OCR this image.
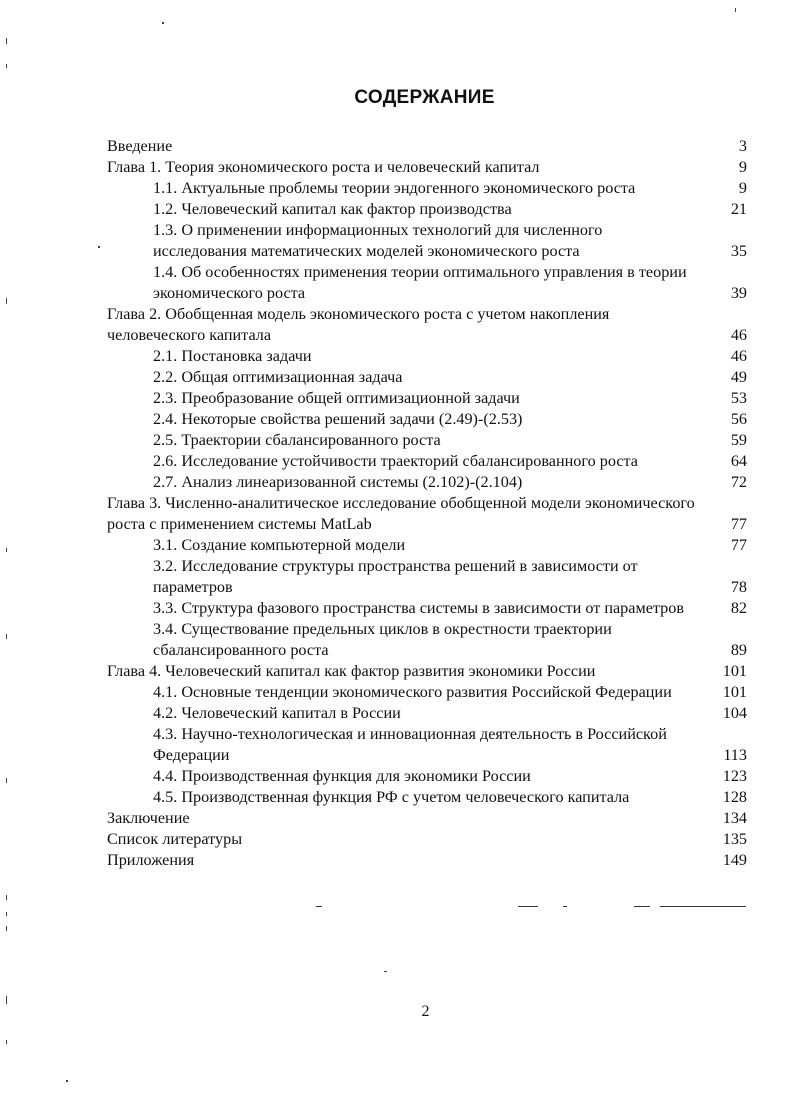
СОДЕРЖАНИЕ
Введение	3
Глава 1. Теория экономического роста и человеческий капитал	9
1.1. Актуальные проблемы теории эндогенного экономического роста	9
1.2. Человеческий капитал как фактор производства	21
1.3. О применении информационных технологий для численного исследования математических моделей экономического роста	35
1.4. Об особенностях применения теории оптимального управления в теории экономического роста	39
Глава 2. Обобщенная модель экономического роста с учетом накопления человеческого капитала	46
2.1. Постановка задачи	46
2.2. Общая оптимизационная задача	49
2.3. Преобразование общей оптимизационной задачи	53
2.4. Некоторые свойства решений задачи (2.49)-(2.53)	56
2.5. Траектории сбалансированного роста	59
2.6. Исследование устойчивости траекторий сбалансированного роста	64
2.7. Анализ линеаризованной системы (2.102)-(2.104)	72
Глава 3. Численно-аналитическое исследование обобщенной модели экономического роста с применением системы MatLab	77
3.1. Создание компьютерной модели	77
3.2. Исследование структуры пространства решений в зависимости от параметров	78
3.3. Структура фазового пространства системы в зависимости от параметров	82
3.4. Существование предельных циклов в окрестности траектории сбалансированного роста	89
Глава 4. Человеческий капитал как фактор развития экономики России	101
4.1. Основные тенденции экономического развития Российской Федерации	101
4.2. Человеческий капитал в России	104
4.3. Научно-технологическая и инновационная деятельность в Российской Федерации	113
4.4. Производственная функция для экономики России	123
4.5. Производственная функция РФ с учетом человеческого капитала	128
Заключение	134
Список литературы	135
Приложения	149
2
